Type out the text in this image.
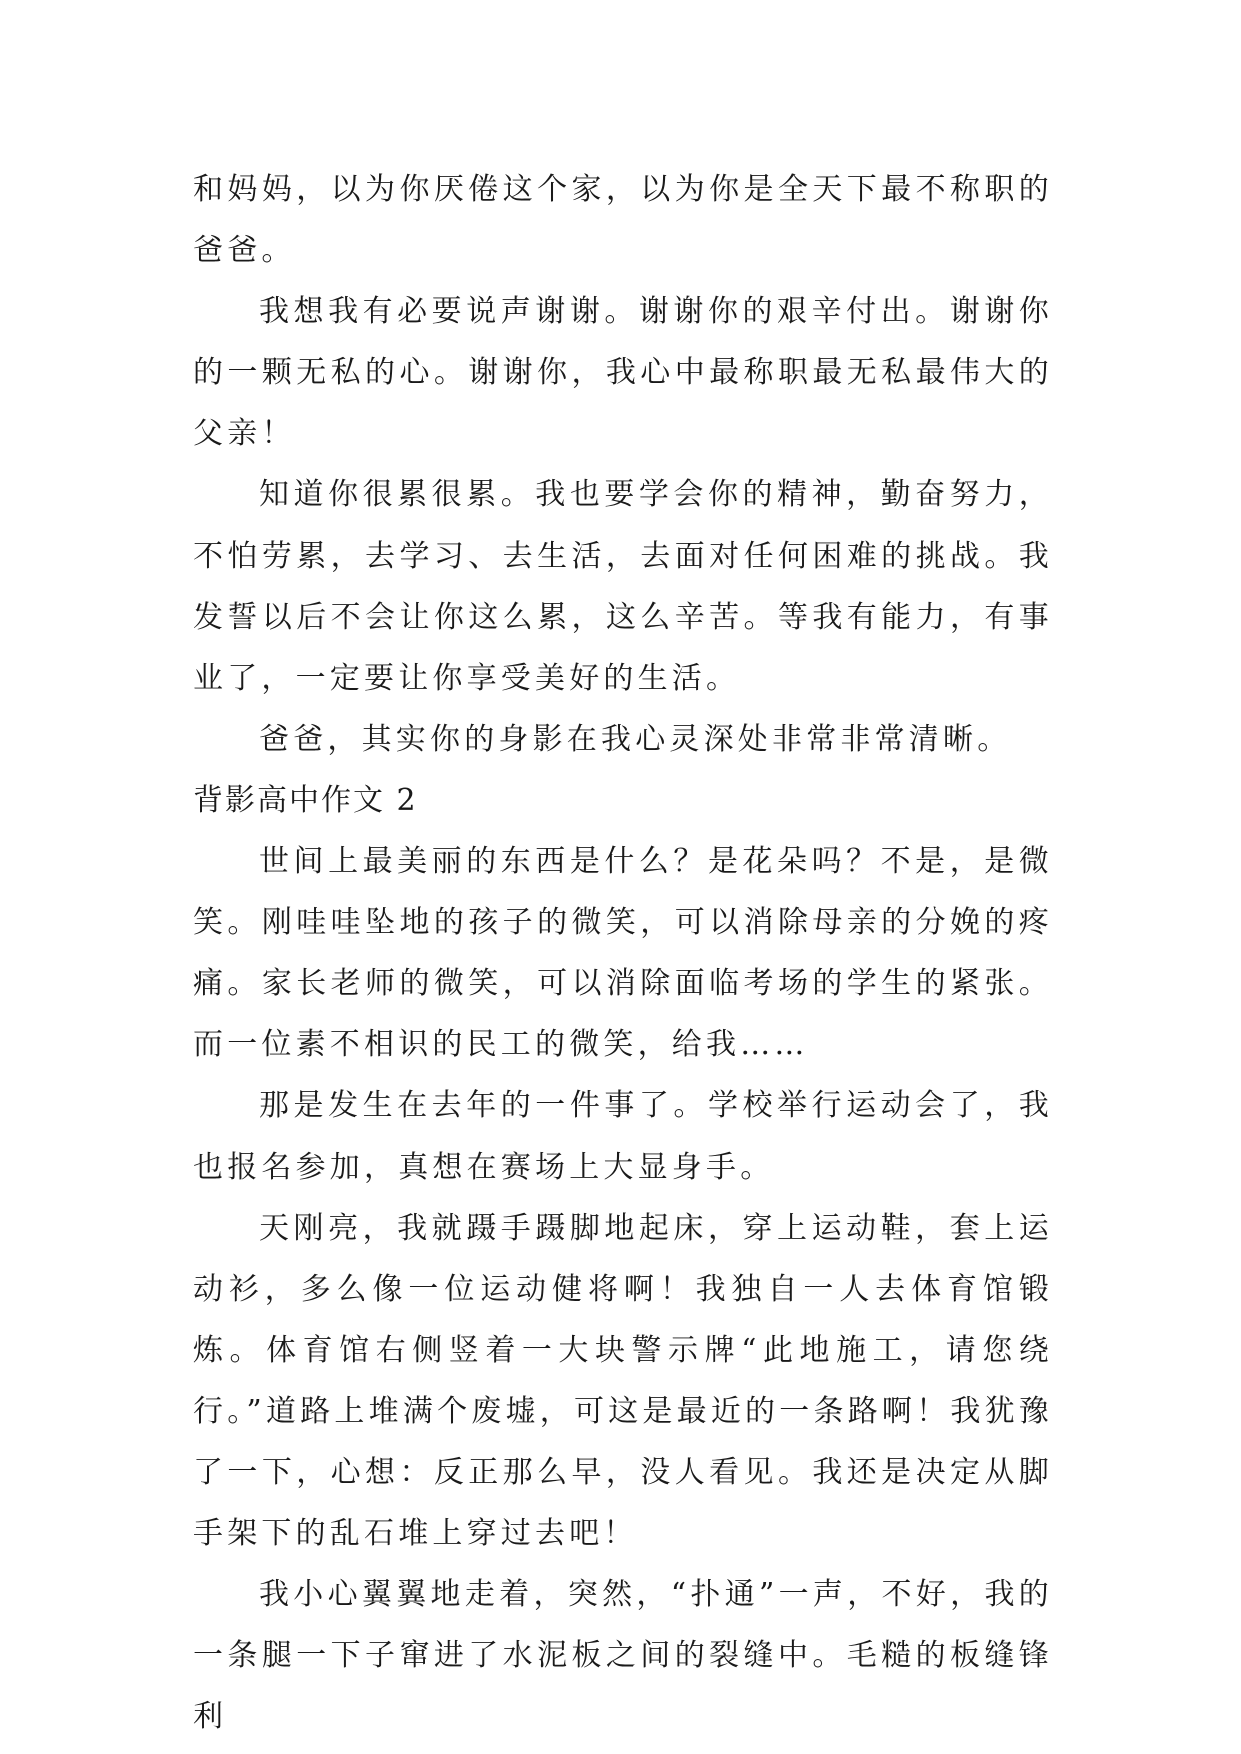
和妈妈，以为你厌倦这个家，以为你是全天下最不称职的爸爸。

我想我有必要说声谢谢。谢谢你的艰辛付出。谢谢你的一颗无私的心。谢谢你，我心中最称职最无私最伟大的父亲！

知道你很累很累。我也要学会你的精神，勤奋努力，不怕劳累，去学习、去生活，去面对任何困难的挑战。我发誓以后不会让你这么累，这么辛苦。等我有能力，有事业了，一定要让你享受美好的生活。

爸爸，其实你的身影在我心灵深处非常非常清晰。

背影高中作文 2

世间上最美丽的东西是什么？是花朵吗？不是，是微笑。刚哇哇坠地的孩子的微笑，可以消除母亲的分娩的疼痛。家长老师的微笑，可以消除面临考场的学生的紧张。而一位素不相识的民工的微笑，给我……

那是发生在去年的一件事了。学校举行运动会了，我也报名参加，真想在赛场上大显身手。

天刚亮，我就蹑手蹑脚地起床，穿上运动鞋，套上运动衫，多么像一位运动健将啊！我独自一人去体育馆锻炼。体育馆右侧竖着一大块警示牌“此地施工，请您绕行。”道路上堆满个废墟，可这是最近的一条路啊！我犹豫了一下，心想：反正那么早，没人看见。我还是决定从脚手架下的乱石堆上穿过去吧！

我小心翼翼地走着，突然，“扑通”一声，不好，我的一条腿一下子窜进了水泥板之间的裂缝中。毛糙的板缝锋利
